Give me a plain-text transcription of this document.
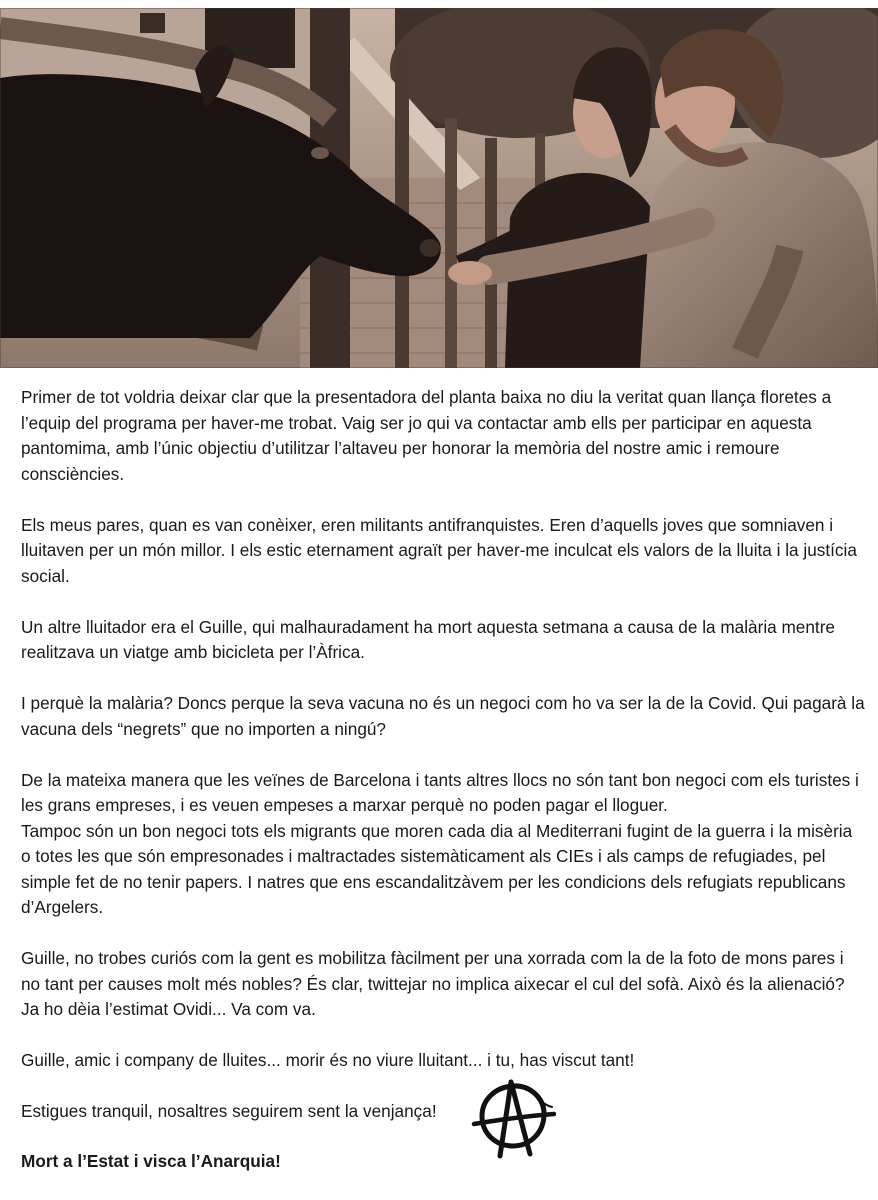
Primer de tot voldria deixar clar que la presentadora del planta baixa no diu la veritat quan llança floretes a l’equip del programa per haver-me trobat. Vaig ser jo qui va contactar amb ells per participar en aquesta pantomima, amb l’únic objectiu d’utilitzar l’altaveu per honorar la memòria del nostre amic i remoure consciències.

Els meus pares, quan es van conèixer, eren militants antifranquistes. Eren d’aquells joves que somniaven i lluitaven per un món millor. I els estic eternament agraït per haver-me inculcat els valors de la lluita i la justícia social.

Un altre lluitador era el Guille, qui malhauradament ha mort aquesta setmana a causa de la malària mentre realitzava un viatge amb bicicleta per l’Àfrica.

I perquè la malària? Doncs perque la seva vacuna no és un negoci com ho va ser la de la Covid. Qui pagarà la vacuna dels “negrets” que no importen a ningú?

De la mateixa manera que les veïnes de Barcelona i tants altres llocs no són tant bon negoci com els turistes i les grans empreses, i es veuen empeses a marxar perquè no poden pagar el lloguer.

Tampoc són un bon negoci tots els migrants que moren cada dia al Mediterrani fugint de la guerra i la misèria o totes les que són empresonades i maltractades sistemàticament als CIEs i als camps de refugiades, pel simple fet de no tenir papers. I natres que ens escandalitzàvem per les condicions dels refugiats republicans d’Argelers.

Guille, no trobes curiós com la gent es mobilitza fàcilment per una xorrada com la de la foto de mons pares i no tant per causes molt més nobles? És clar, twittejar no implica aixecar el cul del sofà. Això és la alienació? Ja ho dèia l’estimat Ovidi... Va com va.

Guille, amic i company de lluites... morir és no viure lluitant... i tu, has viscut tant!

Estigues tranquil, nosaltres seguirem sent la venjança!

Mort a l’Estat i visca l’Anarquia!
